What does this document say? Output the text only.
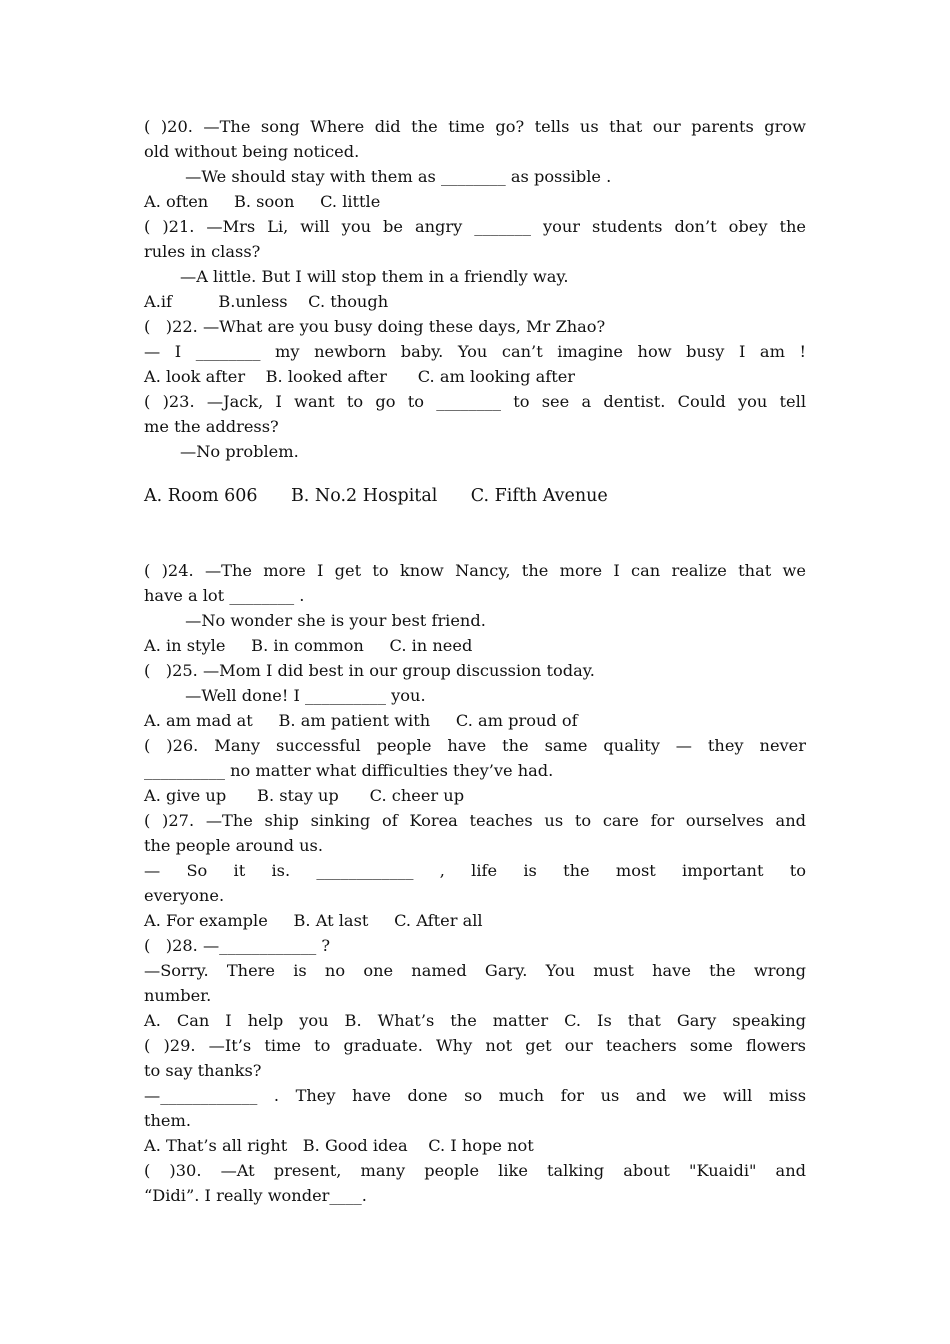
( )20. —The song Where did the time go? tells us that our parents grow
old without being noticed.
—We should stay with them as ________ as possible .
A. often     B. soon     C. little
( )21. —Mrs Li, will you be angry _______ your students don’t obey the
rules in class?
—A little. But I will stop them in a friendly way.
A.if         B.unless    C. though
(   )22. —What are you busy doing these days, Mr Zhao?
— I ________ my newborn baby. You can’t imagine how busy I am !
A. look after    B. looked after      C. am looking after
( )23. —Jack, I want to go to ________ to see a dentist. Could you tell
me the address?
—No problem.
A. Room 606      B. No.2 Hospital      C. Fifth Avenue
( )24. —The more I get to know Nancy, the more I can realize that we
have a lot ________ .
—No wonder she is your best friend.
A. in style     B. in common     C. in need
(   )25. —Mom I did best in our group discussion today.
—Well done! I __________ you.
A. am mad at     B. am patient with     C. am proud of
( )26. Many successful people have the same quality — they never
__________ no matter what difficulties they’ve had.
A. give up      B. stay up      C. cheer up
( )27. —The ship sinking of Korea teaches us to care for ourselves and
the people around us.
— So it is. ____________ , life is the most important to
everyone.
A. For example     B. At last     C. After all
(   )28. —____________ ?
—Sorry. There is no one named Gary. You must have the wrong
number.
A. Can I help you B. What’s the matter C. Is that Gary speaking
( )29. —It’s time to graduate. Why not get our teachers some flowers
to say thanks?
—____________ . They have done so much for us and we will miss
them.
A. That’s all right   B. Good idea    C. I hope not
( )30. —At present, many people like talking about "Kuaidi" and
“Didi”. I really wonder____.
